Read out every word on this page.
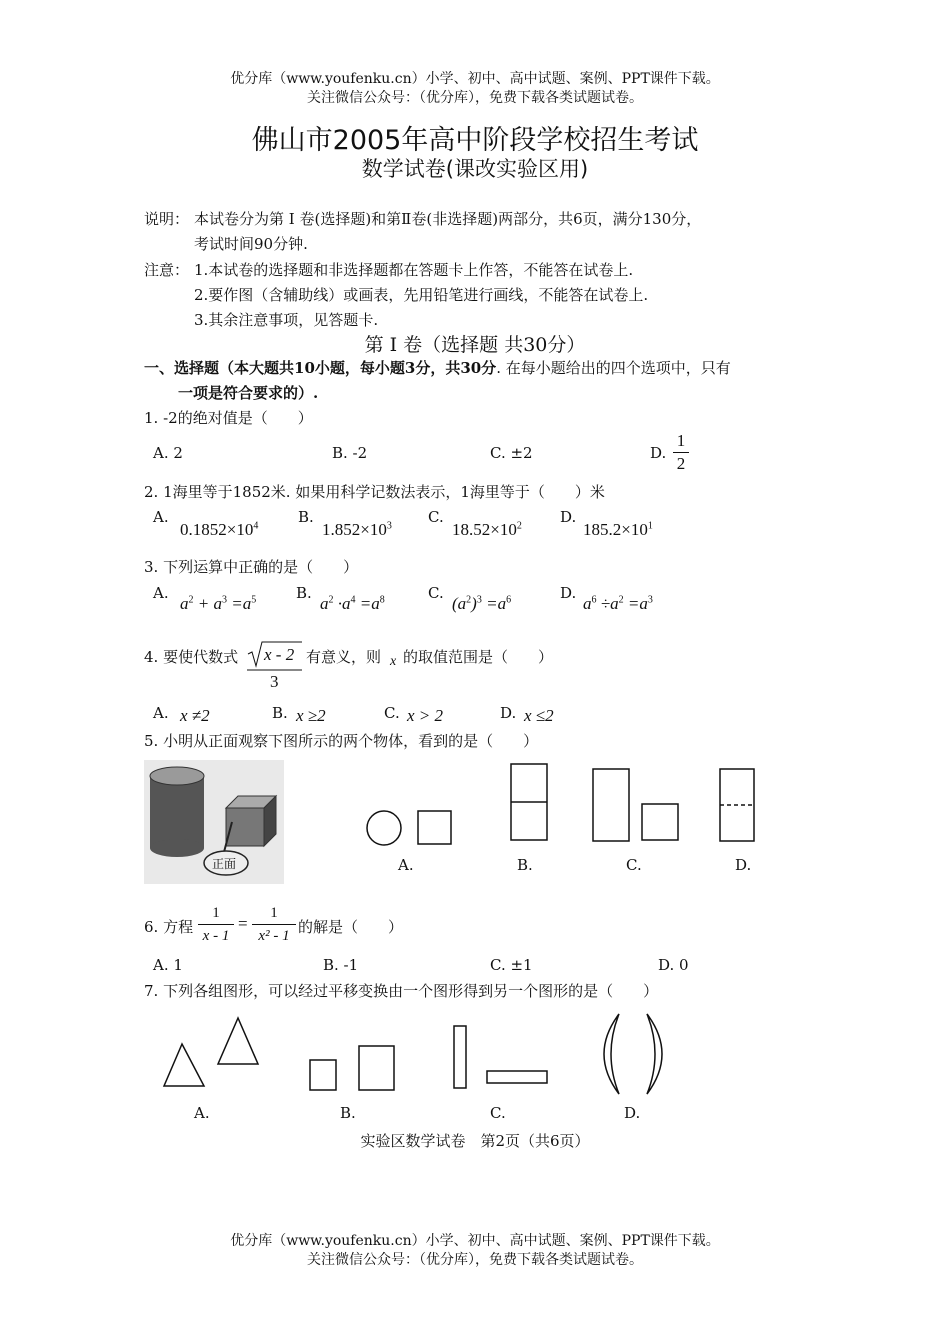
优分库（www.youfenku.cn）小学、初中、高中试题、案例、PPT课件下载。
关注微信公众号：（优分库），免费下载各类试题试卷。
佛山市2005年高中阶段学校招生考试
数学试卷(课改实验区用)
说明： 本试卷分为第 I 卷(选择题)和第Ⅱ卷(非选择题)两部分，共6页，满分130分，
考试时间90分钟.
注意： 1.本试卷的选择题和非选择题都在答题卡上作答，不能答在试卷上.
2.要作图（含辅助线）或画表，先用铅笔进行画线，不能答在试卷上.
3.其余注意事项，见答题卡.
第 I 卷（选择题 共30分）
一、选择题（本大题共10小题，每小题3分，共30分. 在每小题给出的四个选项中，只有
一项是符合要求的）.
1. -2的绝对值是（　　）
A. 2	B. -2	C. ±2	D.
1
2
2. 1海里等于1852米. 如果用科学记数法表示，1海里等于（　　）米
A.
$0.1852\times 10^4$	B.
$1.852\times 10^3$ C.
$18.52\times 10^2$	D.
$185.2\times 10^1$
3. 下列运算中正确的是（　　）
A.
$a^2 + a^3 =a^5$	B.
$a^2 \cdot a^4 =a^8$	C.
$(a^2)^3 =a^6$	D.
$a^6 \div a^2 =a^3$
4. 要使代数式 x - 2
3
有意义，则 x 的取值范围是（　　）
A. x ≠2	B. x ≥2	C. x > 2	D. x ≤2
5. 小明从正面观察下图所示的两个物体，看到的是（　　）
正面	A.	B.	C.	D.
6. 方程
1
x - 1
=
1
x² - 1 的解是（　　）
A. 1	B. -1	C. ±1	D. 0
7. 下列各组图形，可以经过平移变换由一个图形得到另一个图形的是（　　）
A.	B.	C.	D.
实验区数学试卷　第2页（共6页）
优分库（www.youfenku.cn）小学、初中、高中试题、案例、PPT课件下载。
关注微信公众号：（优分库），免费下载各类试题试卷。
